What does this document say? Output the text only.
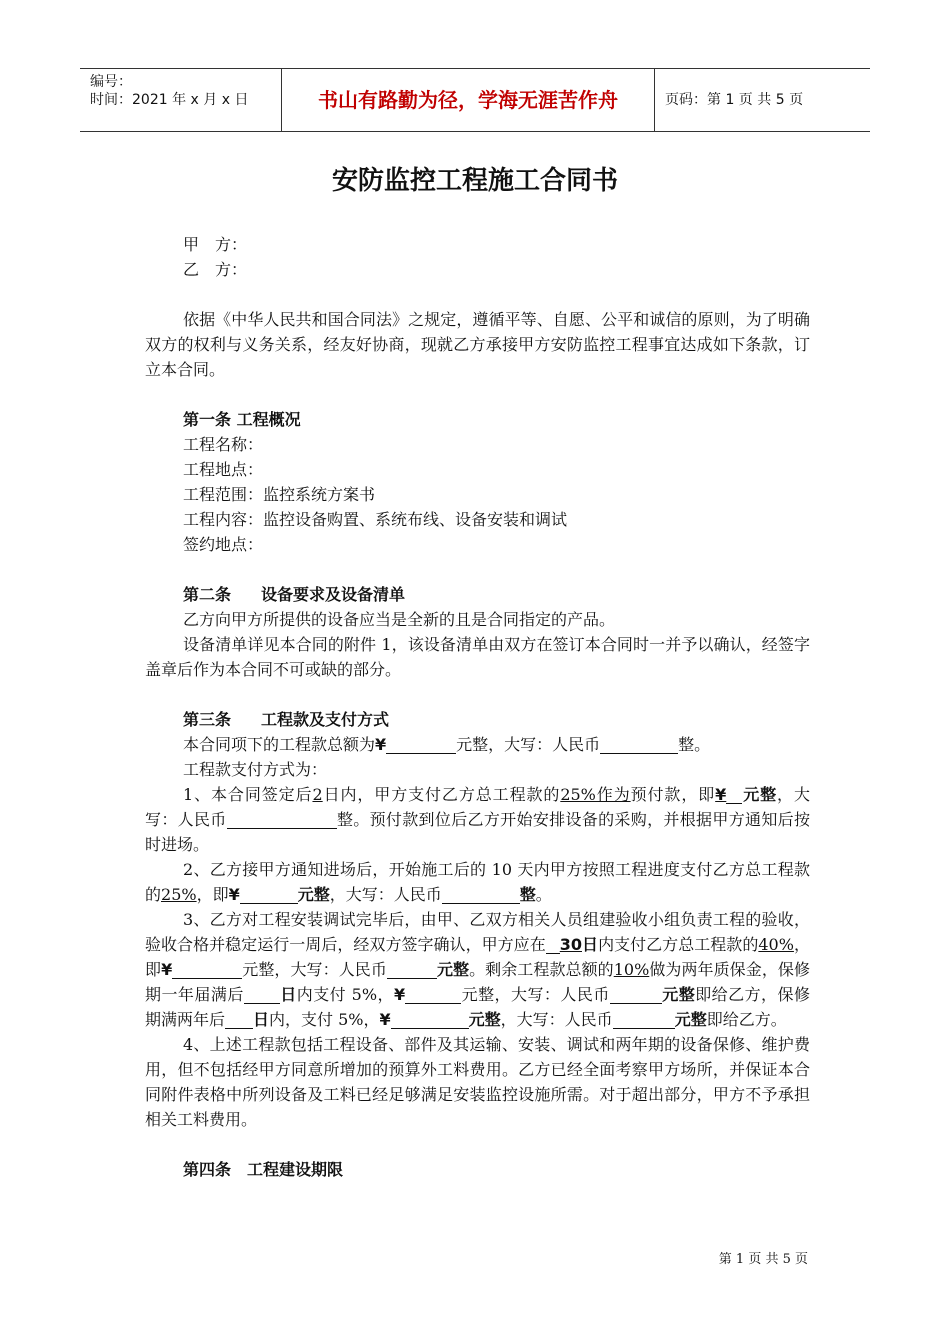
编号：
时间：2021 年 x 月 x 日	书山有路勤为径，学海无涯苦作舟	页码：第 1 页 共 5 页
安防监控工程施工合同书

甲　方：

乙　方：

依据《中华人民共和国合同法》之规定，遵循平等、自愿、公平和诚信的原则，为了明确双方的权利与义务关系，经友好协商，现就乙方承接甲方安防监控工程事宜达成如下条款，订立本合同。

第一条 工程概况

工程名称：

工程地点：

工程范围：监控系统方案书

工程内容：监控设备购置、系统布线、设备安装和调试

签约地点：

第二条 设备要求及设备清单

乙方向甲方所提供的设备应当是全新的且是合同指定的产品。

设备清单详见本合同的附件 1，该设备清单由双方在签订本合同时一并予以确认，经签字盖章后作为本合同不可或缺的部分。

第三条 工程款及支付方式

本合同项下的工程款总额为¥	元整，大写：人民币	整。

工程款支付方式为：

1、本合同签定后2日内，甲方支付乙方总工程款的25%作为预付款，即¥ 元整，大写：人民币	整。预付款到位后乙方开始安排设备的采购，并根据甲方通知后按时进场。

2、乙方接甲方通知进场后，开始施工后的 10 天内甲方按照工程进度支付乙方总工程款的25%，即¥	元整，大写：人民币	整。

3、乙方对工程安装调试完毕后，由甲、乙双方相关人员组建验收小组负责工程的验收，验收合格并稳定运行一周后，经双方签字确认，甲方应在 30日内支付乙方总工程款的40%，即¥	元整，大写：人民币	元整。剩余工程款总额的10%做为两年质保金，保修期一年届满后 日内支付 5%，¥	元整，大写：人民币	元整即给乙方，保修期满两年后 日内，支付 5%，¥	元整，大写：人民币	元整即给乙方。

4、上述工程款包括工程设备、部件及其运输、安装、调试和两年期的设备保修、维护费用，但不包括经甲方同意所增加的预算外工料费用。乙方已经全面考察甲方场所，并保证本合同附件表格中所列设备及工料已经足够满足安装监控设施所需。对于超出部分，甲方不予承担相关工料费用。

第四条 工程建设期限

第 1 页 共 5 页
